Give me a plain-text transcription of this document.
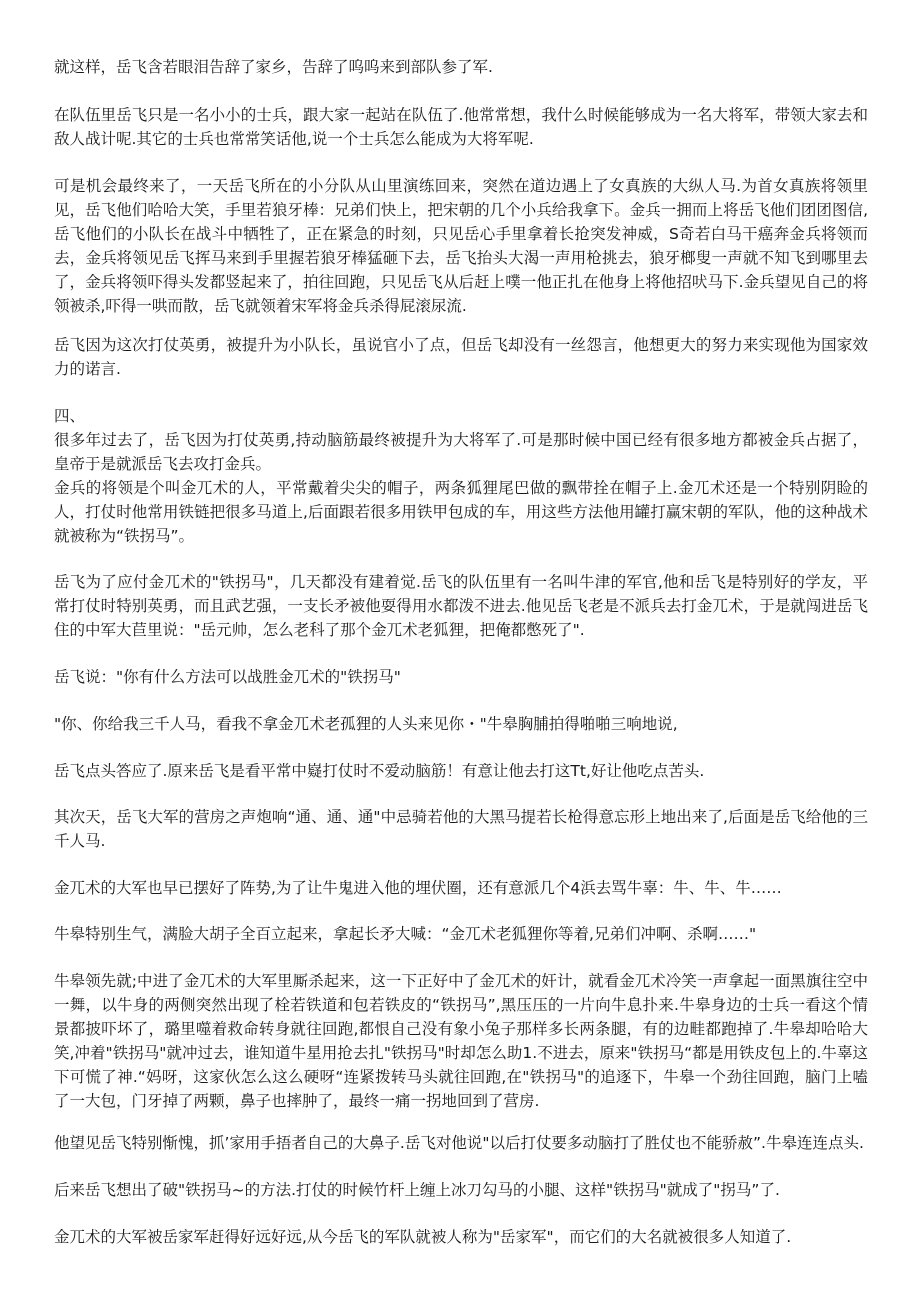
就这样，岳飞含若眼泪告辞了家乡，告辞了呜呜来到部队参了军.

在队伍里岳飞只是一名小小的士兵，跟大家一起站在队伍了.他常常想，我什么时候能够成为一名大将军，带领大家去和敌人战计呢.其它的士兵也常常笑话他,说一个士兵怎么能成为大将军呢.

可是机会最终来了，一天岳飞所在的小分队从山里演练回来，突然在道边遇上了女真族的大纵人马.为首女真族将领里见，岳飞他们哈哈大笑，手里若狼牙棒：兄弟们快上，把宋朝的几个小兵给我拿下。金兵一拥而上将岳飞他们团团图信,岳飞他们的小队长在战斗中牺牲了，正在紧急的时刻，只见岳心手里拿着长抢突发神威，S奇若白马干癌奔金兵将领而去，金兵将领见岳飞挥马来到手里握若狼牙棒猛砸下去，岳飞抬头大渴一声用枪挑去，狼牙榔叟一声就不知飞到哪里去了，金兵将领吓得头发都竖起来了，拍往回跑，只见岳飞从后赶上噗一他正扎在他身上将他招吠马下.金兵望见自己的将领被杀,吓得一哄而散，岳飞就领着宋军将金兵杀得屁滚尿流.

岳飞因为这次打仗英勇，被提升为小队长，虽说官小了点，但岳飞却没有一丝怨言，他想更大的努力来实现他为国家效力的诺言.

四、

很多年过去了，岳飞因为打仗英勇,持动脑筋最终被提升为大将军了.可是那时候中国已经有很多地方都被金兵占据了，皇帝于是就派岳飞去攻打金兵。

金兵的将领是个叫金兀术的人，平常戴着尖尖的帽子，两条狐狸尾巴做的飘带拴在帽子上.金兀术还是一个特别阴睑的人，打仗时他常用铁链把很多马道上,后面跟若很多用铁甲包成的车，用这些方法他用罐打赢宋朝的军队，他的这种战术就被称为“铁拐马”。

岳飞为了应付金兀术的"铁拐马"，几天都没有建着觉.岳飞的队伍里有一名叫牛津的军官,他和岳飞是特别好的学友，平常打仗时特别英勇，而且武艺强，一支长矛被他耍得用水都泼不进去.他见岳飞老是不派兵去打金兀术，于是就闯进岳飞住的中军大苣里说："岳元帅，怎么老科了那个金兀术老狐狸，把俺都憋死了".

岳飞说："你有什么方法可以战胜金兀术的"铁拐马"

"你、你给我三千人马，看我不拿金兀术老孤狸的人头来见你・"牛皋胸脯拍得啪啪三响地说,

岳飞点头答应了.原来岳飞是看平常中嶷打仗时不爱动脑筋！有意让他去打这Tt,好让他吃点苦头.

其次天，岳飞大军的营房之声炮响“通、通、通"中忌骑若他的大黑马提若长枪得意忘形上地出来了,后面是岳飞给他的三千人马.

金兀术的大军也早已摆好了阵势,为了让牛鬼进入他的埋伏圈，还有意派几个4浜去骂牛辜：牛、牛、牛……

牛皋特别生气，满脸大胡子全百立起来，拿起长矛大喊：“金兀术老狐狸你等着,兄弟们冲啊、杀啊……"

牛皋领先就;中进了金兀术的大军里厮杀起来，这一下正好中了金兀术的奸计，就看金兀术冷笑一声拿起一面黑旗往空中一舞，以牛身的两侧突然出现了栓若铁道和包若铁皮的“铁拐马”,黑压压的一片向牛息扑来.牛皋身边的士兵一看这个情景都披吓坏了，璐里噬着救命转身就往回跑,都恨自己没有象小兔子那样多长两条腿，有的边畦都跑掉了.牛皋却哈哈大笑,冲着"铁拐马"就冲过去，谁知道牛星用抢去扎"铁拐马"时却怎么助1.不进去，原来"铁拐马“都是用铁皮包上的.牛辜这下可慌了神.“妈呀，这家伙怎么这么硬呀“连紧拨转马头就往回跑,在"铁拐马"的追逐下，牛皋一个劲往回跑，脑门上嗑了一大包，门牙掉了两颗，鼻子也摔肿了，最终一痛一拐地回到了营房.

他望见岳飞特别惭愧，抓’家用手捂者自己的大鼻子.岳飞对他说"以后打仗要多动脑打了胜仗也不能骄赦”.牛皋连连点头.

后来岳飞想出了破"铁拐马~的方法.打仗的时候竹杆上缠上冰刀勾马的小腿、这样"铁拐马"就成了"拐马”了.

金兀术的大军被岳家军赶得好远好远,从今岳飞的军队就被人称为"岳家军"，而它们的大名就被很多人知道了.
